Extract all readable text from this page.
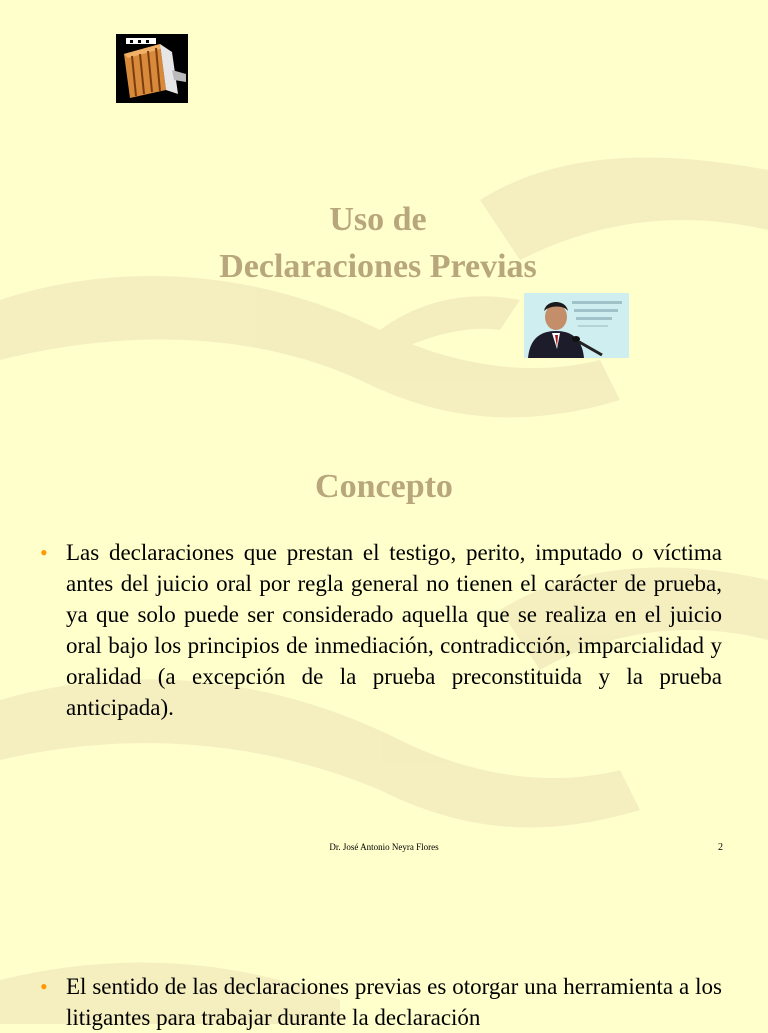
Uso de
Declaraciones Previas
Concepto
• Las declaraciones que prestan el testigo, perito, imputado o víctima antes del juicio oral por regla general no tienen el carácter de prueba, ya que solo puede ser considerado aquella que se realiza en el juicio oral bajo los principios de inmediación, contradicción, imparcialidad y oralidad (a excepción de la prueba preconstituida y la prueba anticipada).

Dr. José Antonio Neyra Flores	2
• El sentido de las declaraciones previas es otorgar una herramienta a los litigantes para trabajar durante la declaración
